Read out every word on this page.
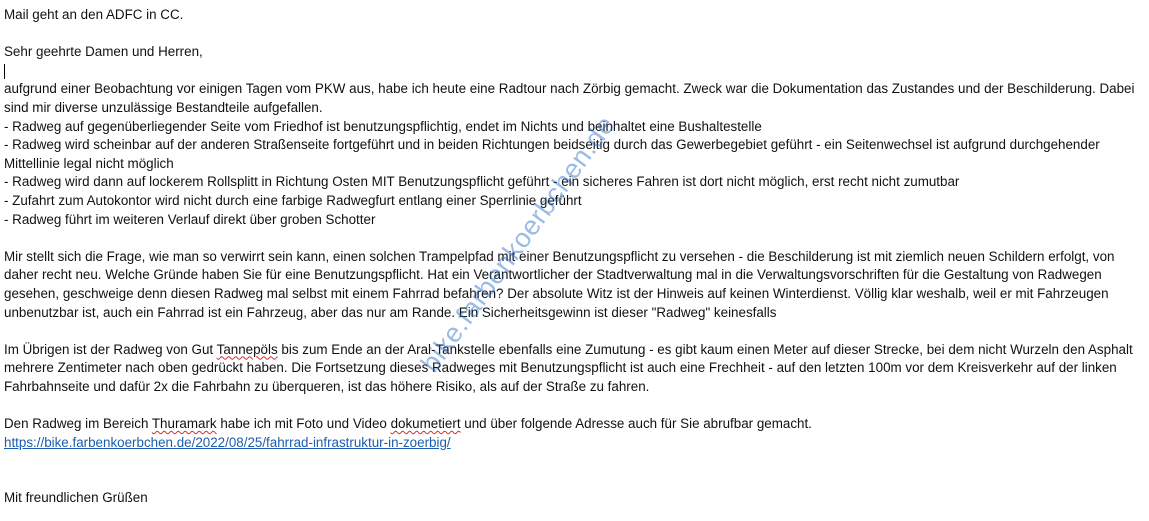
Mail geht an den ADFC in CC.

Sehr geehrte Damen und Herren,

aufgrund einer Beobachtung vor einigen Tagen vom PKW aus, habe ich heute eine Radtour nach Zörbig gemacht. Zweck war die Dokumentation das Zustandes und der Beschilderung. Dabei sind mir diverse unzulässige Bestandteile aufgefallen.

- Radweg auf gegenüberliegender Seite vom Friedhof ist benutzungspflichtig, endet im Nichts und beinhaltet eine Bushaltestelle

- Radweg wird scheinbar auf der anderen Straßenseite fortgeführt und in beiden Richtungen beidseitig durch das Gewerbegebiet geführt - ein Seitenwechsel ist aufgrund durchgehender Mittellinie legal nicht möglich

- Radweg wird dann auf lockerem Rollsplitt in Richtung Osten MIT Benutzungspflicht geführt - ein sicheres Fahren ist dort nicht möglich, erst recht nicht zumutbar

- Zufahrt zum Autokontor wird nicht durch eine farbige Radwegfurt entlang einer Sperrlinie geführt

- Radweg führt im weiteren Verlauf direkt über groben Schotter

Mir stellt sich die Frage, wie man so verwirrt sein kann, einen solchen Trampelpfad mit einer Benutzungspflicht zu versehen - die Beschilderung ist mit ziemlich neuen Schildern erfolgt, von daher recht neu. Welche Gründe haben Sie für eine Benutzungspflicht. Hat ein Verantwortlicher der Stadtverwaltung mal in die Verwaltungsvorschriften für die Gestaltung von Radwegen gesehen, geschweige denn diesen Radweg mal selbst mit einem Fahrrad befahren? Der absolute Witz ist der Hinweis auf keinen Winterdienst. Völlig klar weshalb, weil er mit Fahrzeugen unbenutzbar ist, auch ein Fahrrad ist ein Fahrzeug, aber das nur am Rande. Ein Sicherheitsgewinn ist dieser "Radweg" keinesfalls

Im Übrigen ist der Radweg von Gut Tannepöls bis zum Ende an der Aral-Tankstelle ebenfalls eine Zumutung - es gibt kaum einen Meter auf dieser Strecke, bei dem nicht Wurzeln den Asphalt mehrere Zentimeter nach oben gedrückt haben. Die Fortsetzung dieses Radweges mit Benutzungspflicht ist auch eine Frechheit - auf den letzten 100m vor dem Kreisverkehr auf der linken Fahrbahnseite und dafür 2x die Fahrbahn zu überqueren, ist das höhere Risiko, als auf der Straße zu fahren.

Den Radweg im Bereich Thuramark habe ich mit Foto und Video dokumetiert und über folgende Adresse auch für Sie abrufbar gemacht.

https://bike.farbenkoerbchen.de/2022/08/25/fahrrad-infrastruktur-in-zoerbig/

Mit freundlichen Grüßen

bike.farbenkoerbchen.de
